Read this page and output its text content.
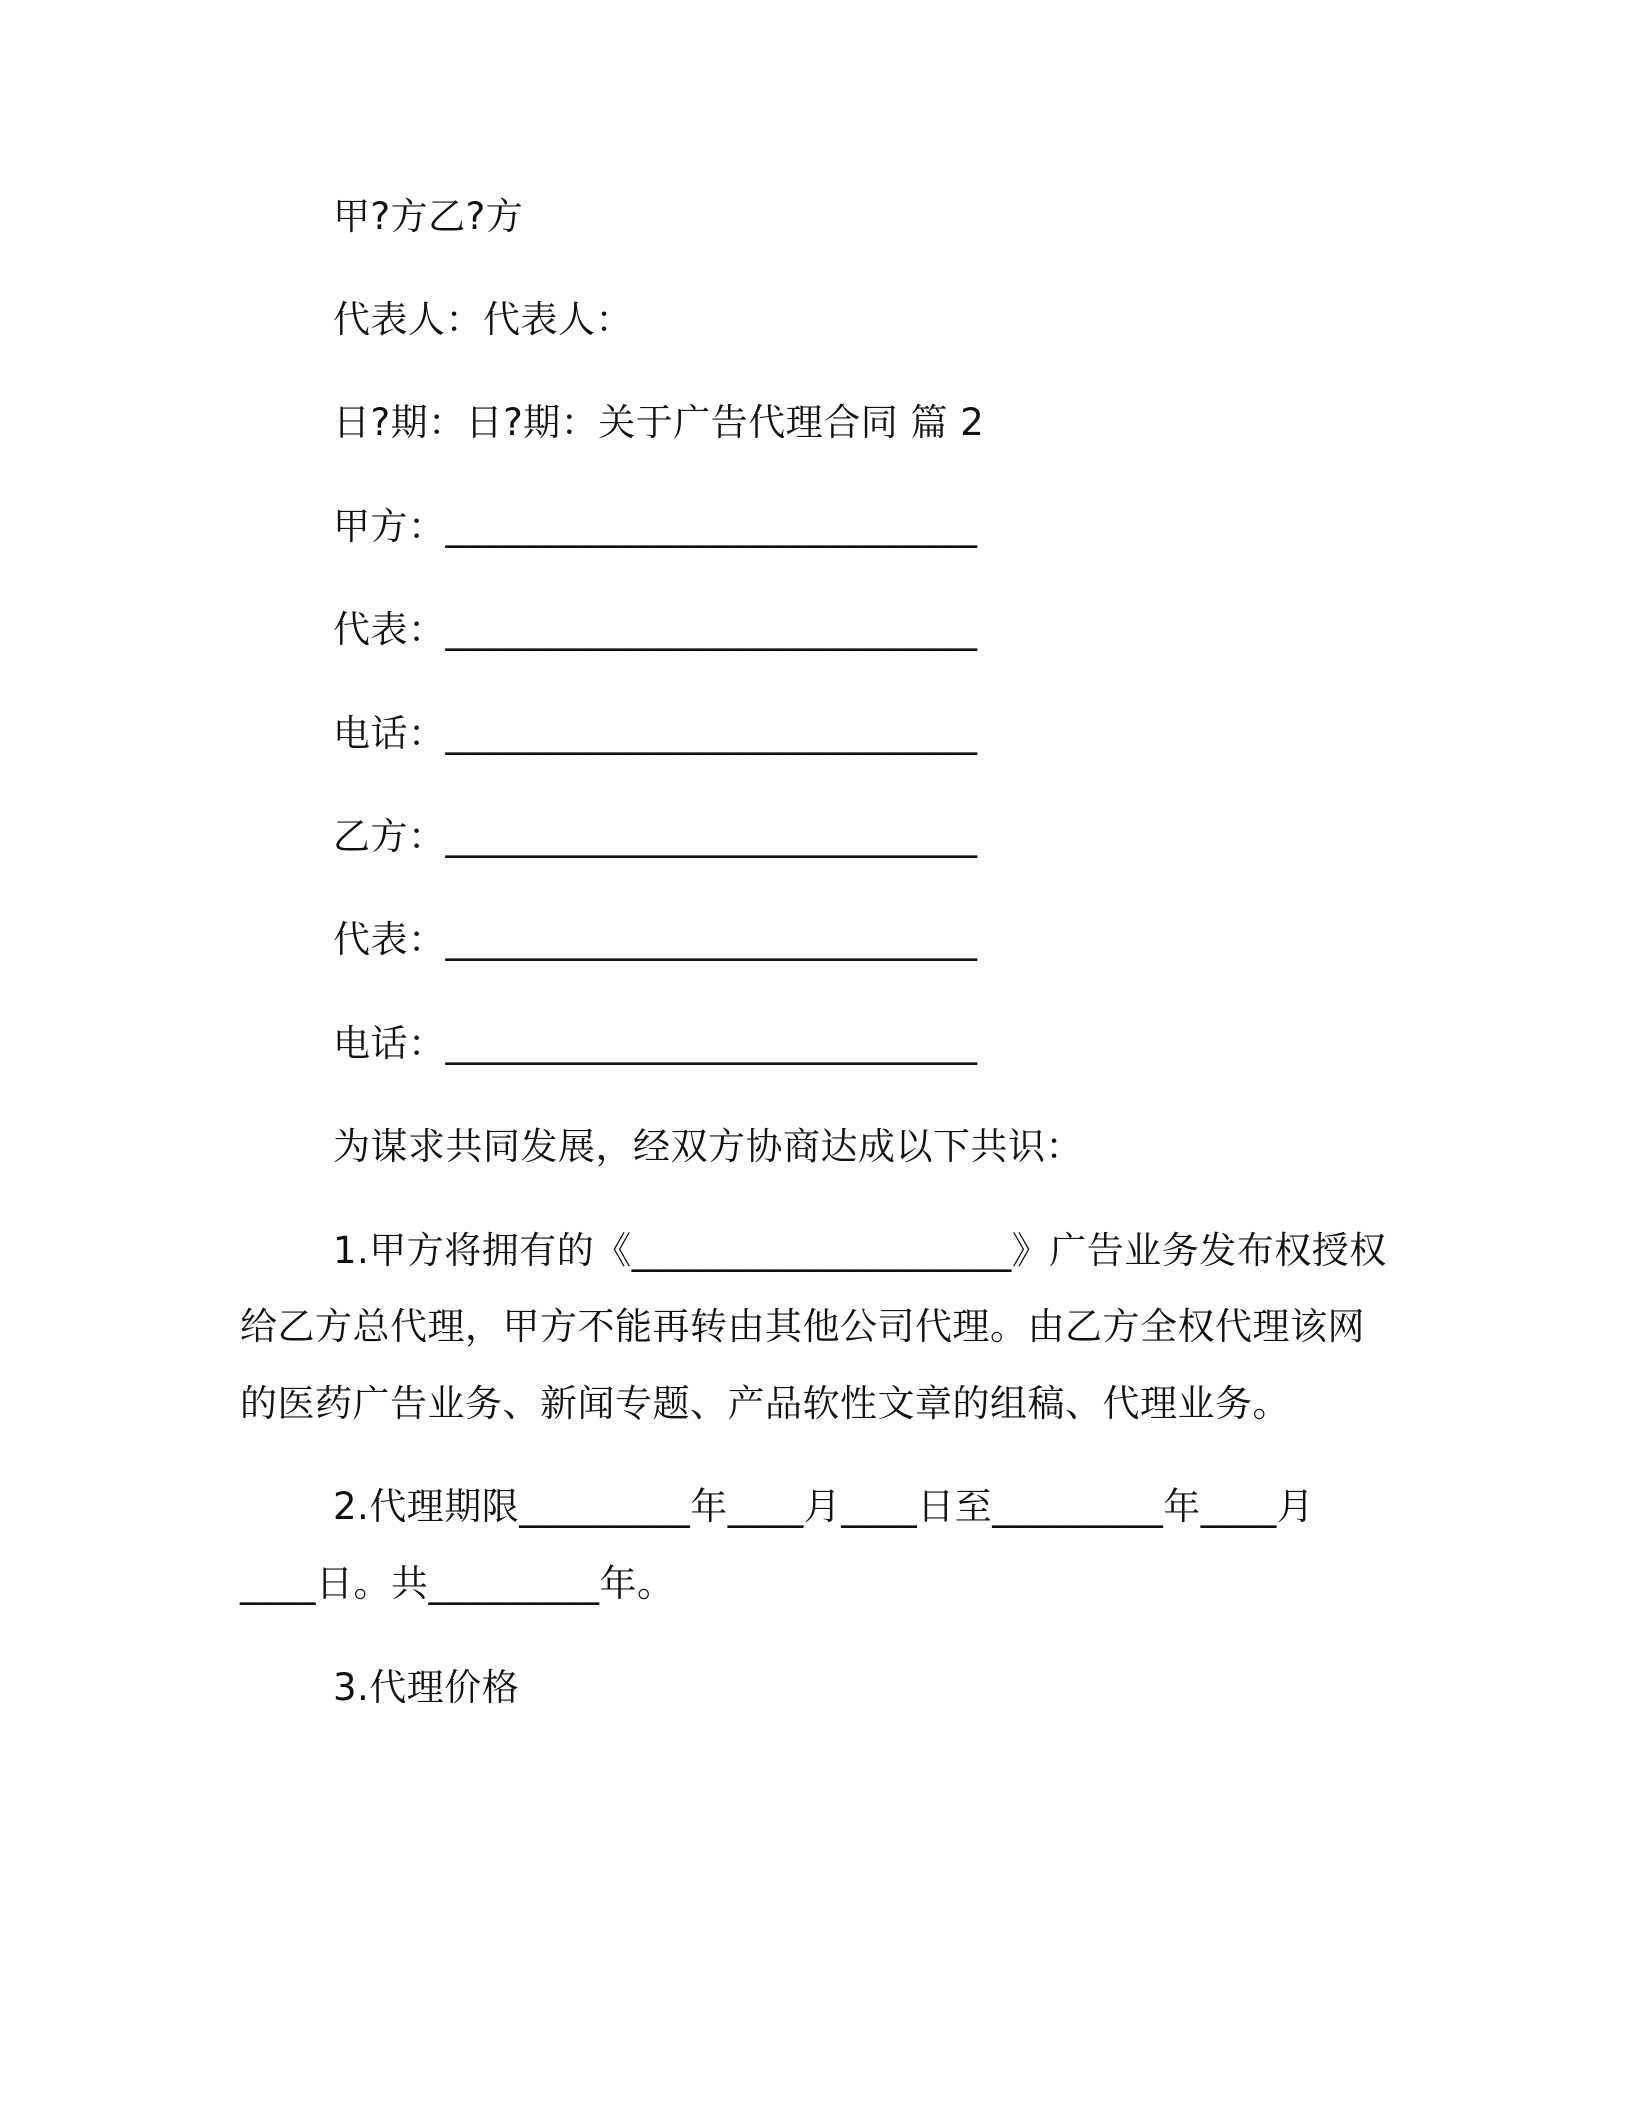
甲?方乙?方

代表人：代表人：

日?期：日?期：关于广告代理合同 篇 2

甲方：____________________________

代表：____________________________

电话：____________________________

乙方：____________________________

代表：____________________________

电话：____________________________

为谋求共同发展，经双方协商达成以下共识：

1.甲方将拥有的《____________________》广告业务发布权授权

给乙方总代理，甲方不能再转由其他公司代理。由乙方全权代理该网

的医药广告业务、新闻专题、产品软性文章的组稿、代理业务。

2.代理期限_________年____月____日至_________年____月

____日。共_________年。

3.代理价格
